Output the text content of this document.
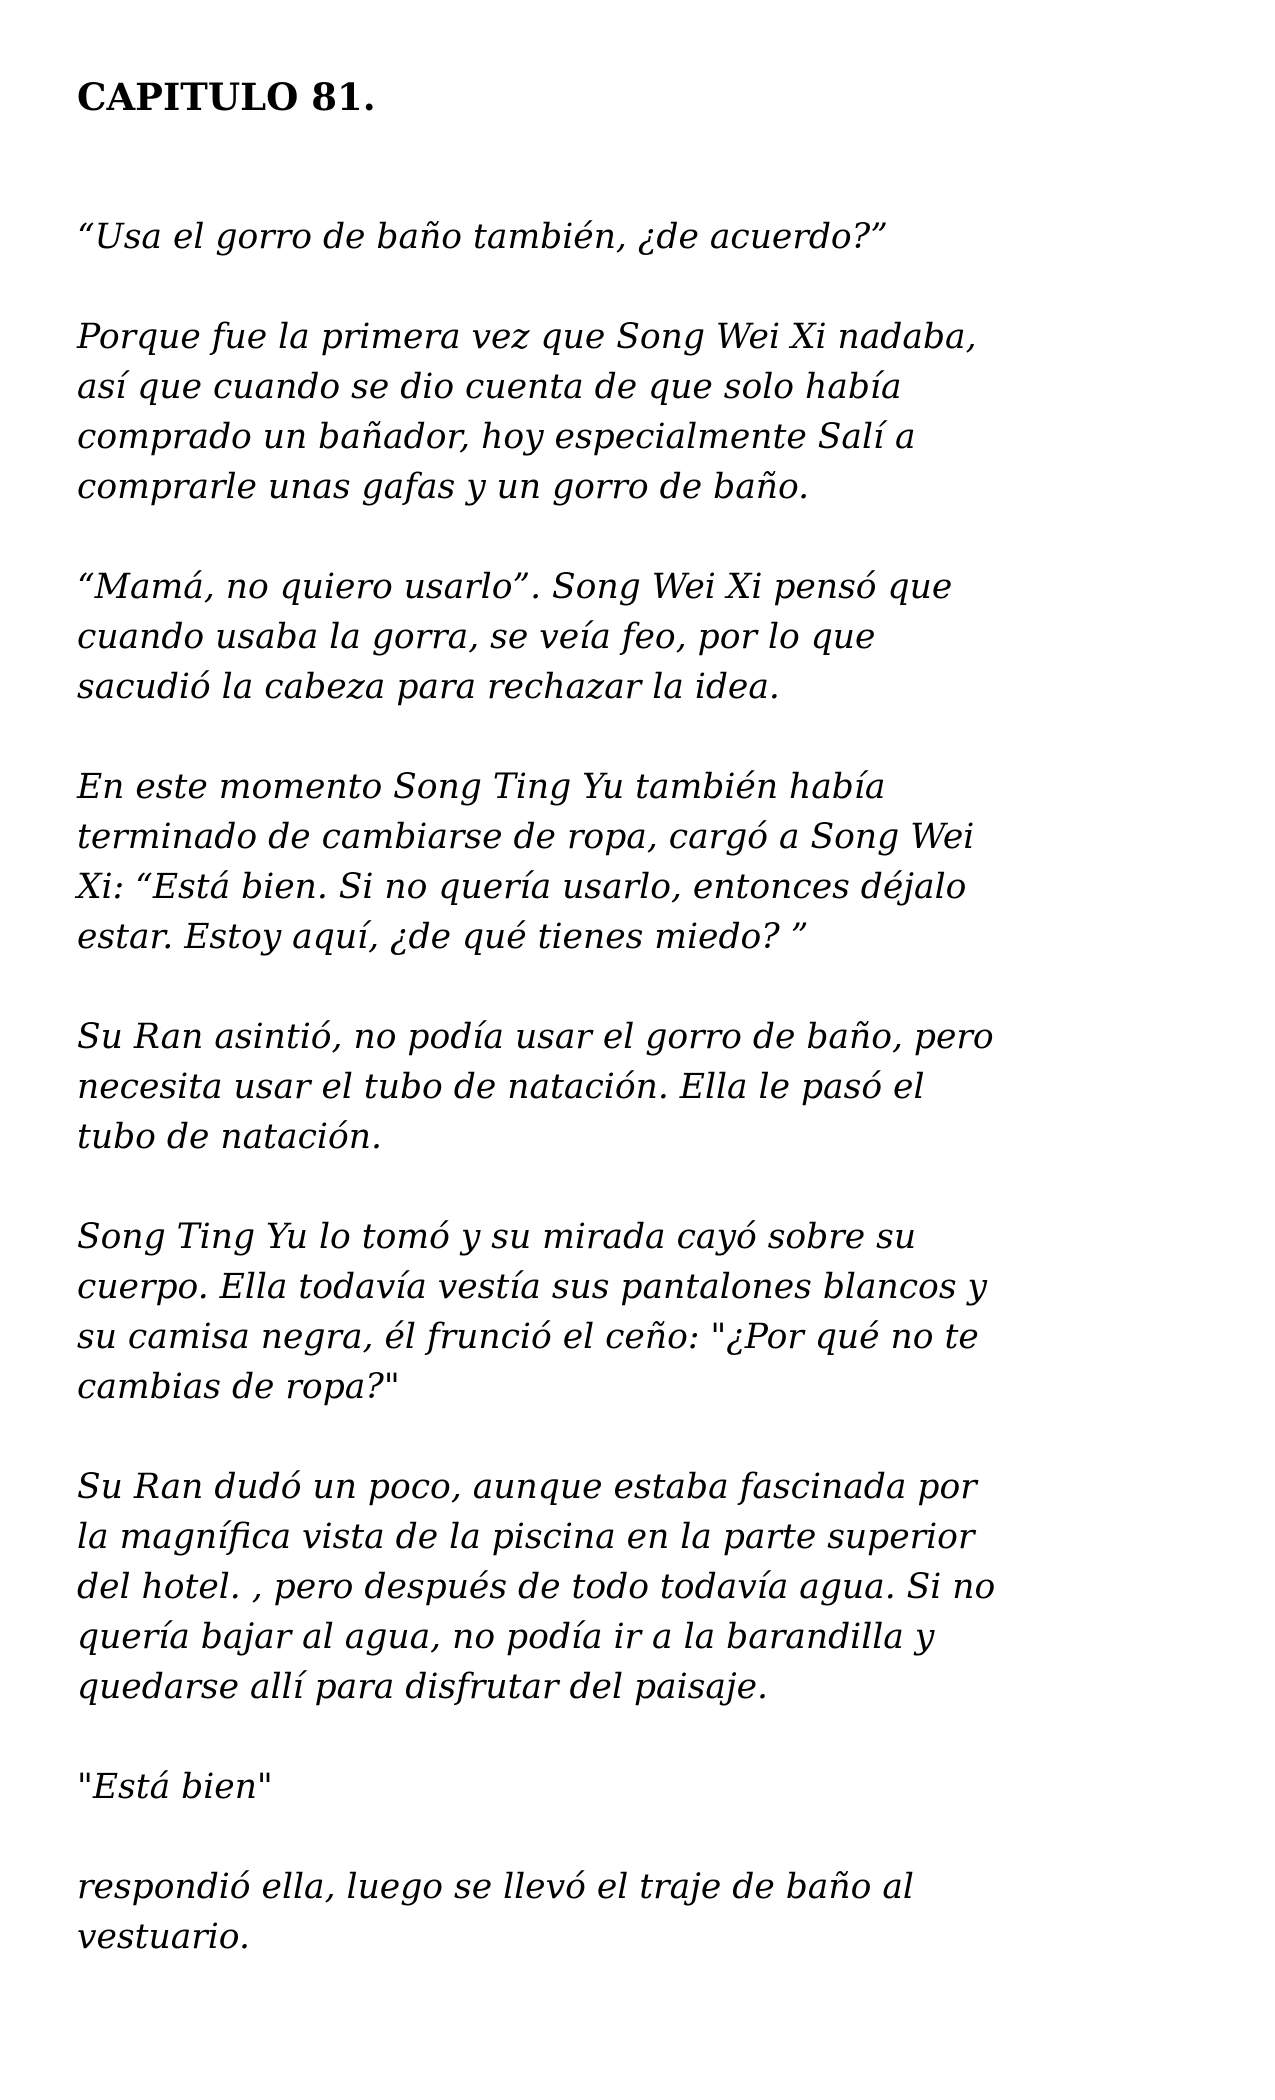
CAPITULO 81.

“Usa el gorro de baño también, ¿de acuerdo?”

Porque fue la primera vez que Song Wei Xi nadaba,
así que cuando se dio cuenta de que solo había
comprado un bañador, hoy especialmente Salí a
comprarle unas gafas y un gorro de baño.

“Mamá, no quiero usarlo”. Song Wei Xi pensó que
cuando usaba la gorra, se veía feo, por lo que
sacudió la cabeza para rechazar la idea.

En este momento Song Ting Yu también había
terminado de cambiarse de ropa, cargó a Song Wei
Xi: “Está bien. Si no quería usarlo, entonces déjalo
estar. Estoy aquí, ¿de qué tienes miedo? ”

Su Ran asintió, no podía usar el gorro de baño, pero
necesita usar el tubo de natación. Ella le pasó el
tubo de natación.

Song Ting Yu lo tomó y su mirada cayó sobre su
cuerpo. Ella todavía vestía sus pantalones blancos y
su camisa negra, él frunció el ceño: "¿Por qué no te
cambias de ropa?"

Su Ran dudó un poco, aunque estaba fascinada por
la magnífica vista de la piscina en la parte superior
del hotel. , pero después de todo todavía agua. Si no
quería bajar al agua, no podía ir a la barandilla y
quedarse allí para disfrutar del paisaje.

"Está bien"

respondió ella, luego se llevó el traje de baño al
vestuario.
